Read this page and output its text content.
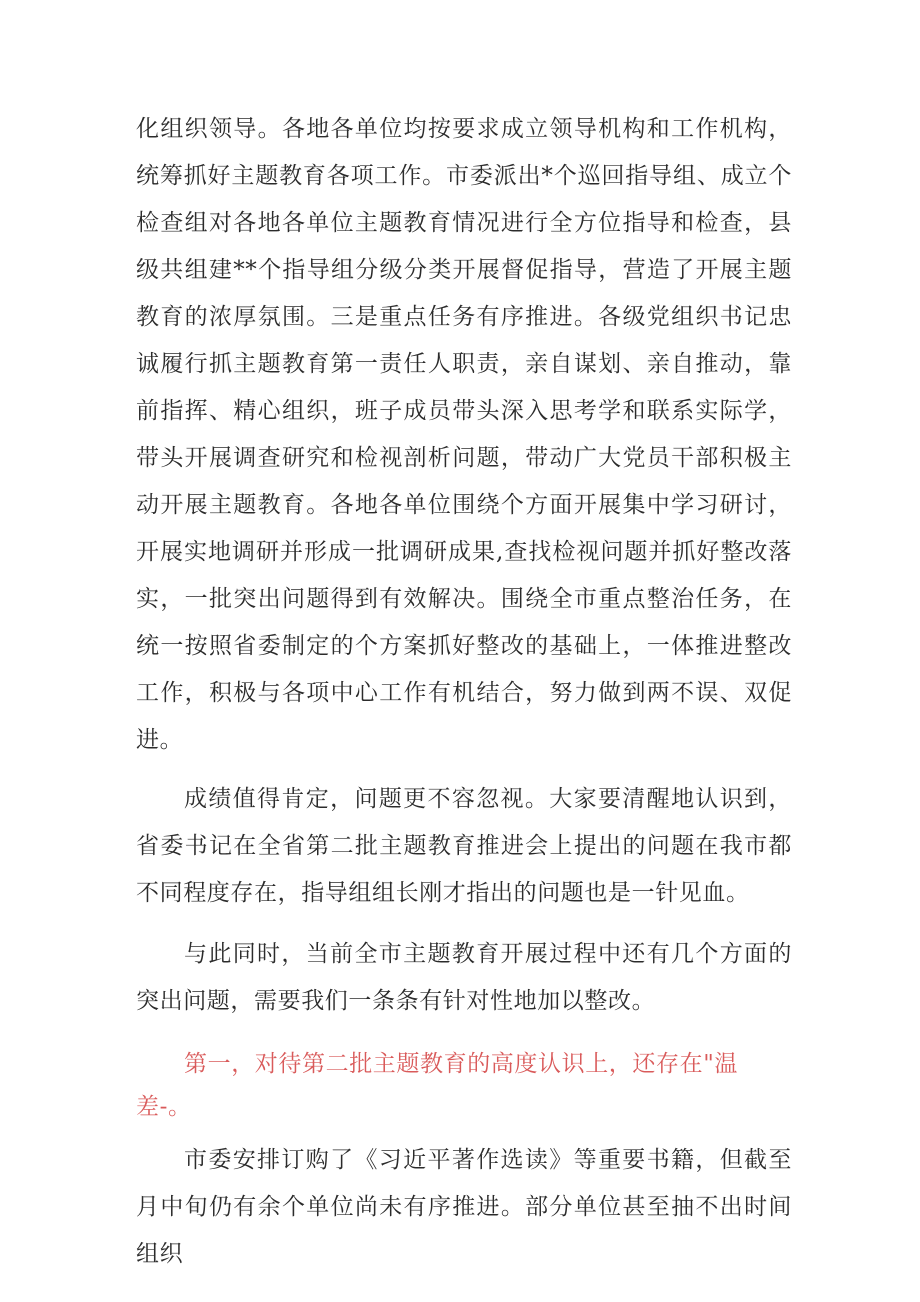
化组织领导。各地各单位均按要求成立领导机构和工作机构，统筹抓好主题教育各项工作。市委派出*个巡回指导组、成立个检查组对各地各单位主题教育情况进行全方位指导和检查，县级共组建**个指导组分级分类开展督促指导，营造了开展主题教育的浓厚氛围。三是重点任务有序推进。各级党组织书记忠诚履行抓主题教育第一责任人职责，亲自谋划、亲自推动，靠前指挥、精心组织，班子成员带头深入思考学和联系实际学，带头开展调查研究和检视剖析问题，带动广大党员干部积极主动开展主题教育。各地各单位围绕个方面开展集中学习研讨，开展实地调研并形成一批调研成果,查找检视问题并抓好整改落实，一批突出问题得到有效解决。围绕全市重点整治任务，在统一按照省委制定的个方案抓好整改的基础上，一体推进整改工作，积极与各项中心工作有机结合，努力做到两不误、双促进。

成绩值得肯定，问题更不容忽视。大家要清醒地认识到，省委书记在全省第二批主题教育推进会上提出的问题在我市都不同程度存在，指导组组长刚才指出的问题也是一针见血。

与此同时，当前全市主题教育开展过程中还有几个方面的突出问题，需要我们一条条有针对性地加以整改。

第一，对待第二批主题教育的高度认识上，还存在"温
差-。

市委安排订购了《习近平著作选读》等重要书籍，但截至月中旬仍有余个单位尚未有序推进。部分单位甚至抽不出时间组织
